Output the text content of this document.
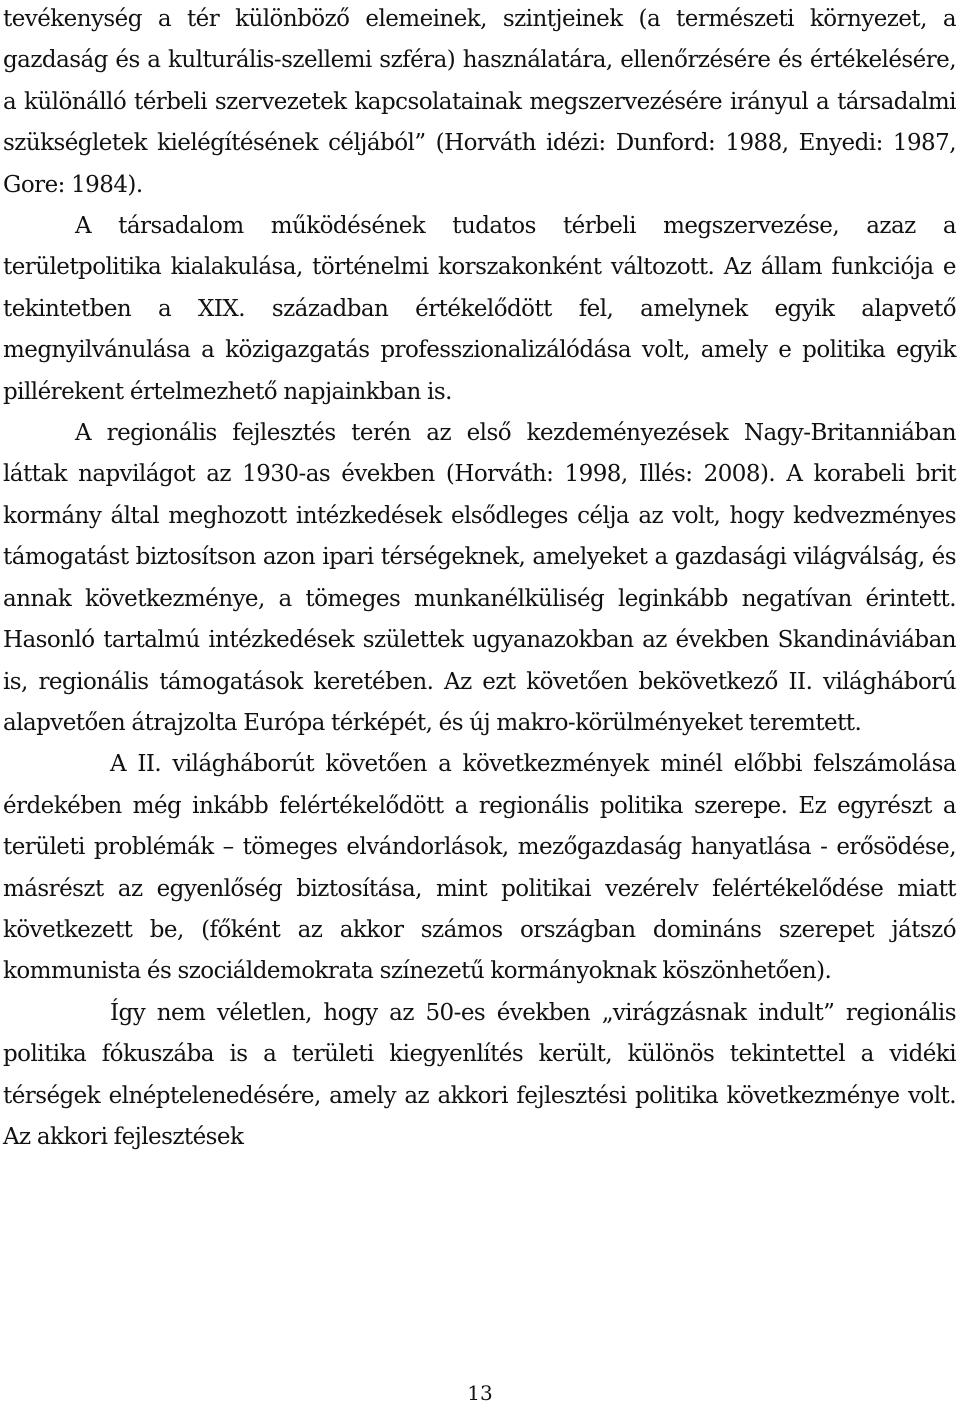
tevékenység a tér különböző elemeinek, szintjeinek (a természeti környezet, a gazdaság és a kulturális-szellemi szféra) használatára, ellenőrzésére és értékelésére, a különálló térbeli szervezetek kapcsolatainak megszervezésére irányul a társadalmi szükségletek kielégítésének céljából” (Horváth idézi: Dunford: 1988, Enyedi: 1987, Gore: 1984).

A társadalom működésének tudatos térbeli megszervezése, azaz a területpolitika kialakulása, történelmi korszakonként változott. Az állam funkciója e tekintetben a XIX. században értékelődött fel, amelynek egyik alapvető megnyilvánulása a közigazgatás professzionalizálódása volt, amely e politika egyik pillérekent értelmezhető napjainkban is.

A regionális fejlesztés terén az első kezdeményezések Nagy-Britanniában láttak napvilágot az 1930-as években (Horváth: 1998, Illés: 2008). A korabeli brit kormány által meghozott intézkedések elsődleges célja az volt, hogy kedvezményes támogatást biztosítson azon ipari térségeknek, amelyeket a gazdasági világválság, és annak következménye, a tömeges munkanélküliség leginkább negatívan érintett. Hasonló tartalmú intézkedések születtek ugyanazokban az években Skandináviában is, regionális támogatások keretében. Az ezt követően bekövetkező II. világháború alapvetően átrajzolta Európa térképét, és új makro-körülményeket teremtett.

A II. világháborút követően a következmények minél előbbi felszámolása érdekében még inkább felértékelődött a regionális politika szerepe. Ez egyrészt a területi problémák – tömeges elvándorlások, mezőgazdaság hanyatlása - erősödése, másrészt az egyenlőség biztosítása, mint politikai vezérelv felértékelődése miatt következett be, (főként az akkor számos országban domináns szerepet játszó kommunista és szociáldemokrata színezetű kormányoknak köszönhetően).

Így nem véletlen, hogy az 50-es években „virágzásnak indult” regionális politika fókuszába is a területi kiegyenlítés került, különös tekintettel a vidéki térségek elnéptelenedésére, amely az akkori fejlesztési politika következménye volt. Az akkori fejlesztések

13
